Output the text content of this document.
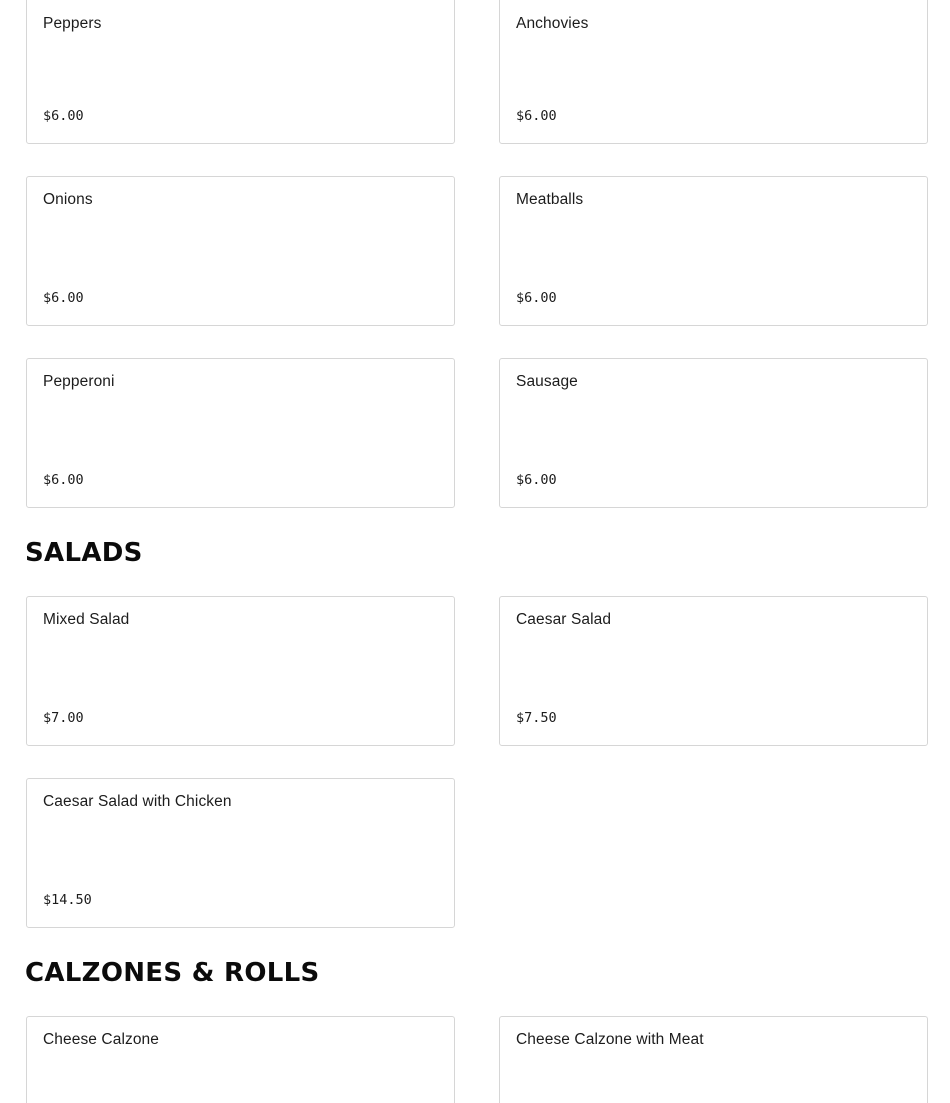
Peppers
$6.00
Anchovies
$6.00
Onions
$6.00
Meatballs
$6.00
Pepperoni
$6.00
Sausage
$6.00
SALADS
Mixed Salad
$7.00
Caesar Salad
$7.50
Caesar Salad with Chicken
$14.50
CALZONES & ROLLS
Cheese Calzone	Cheese Calzone with Meat
